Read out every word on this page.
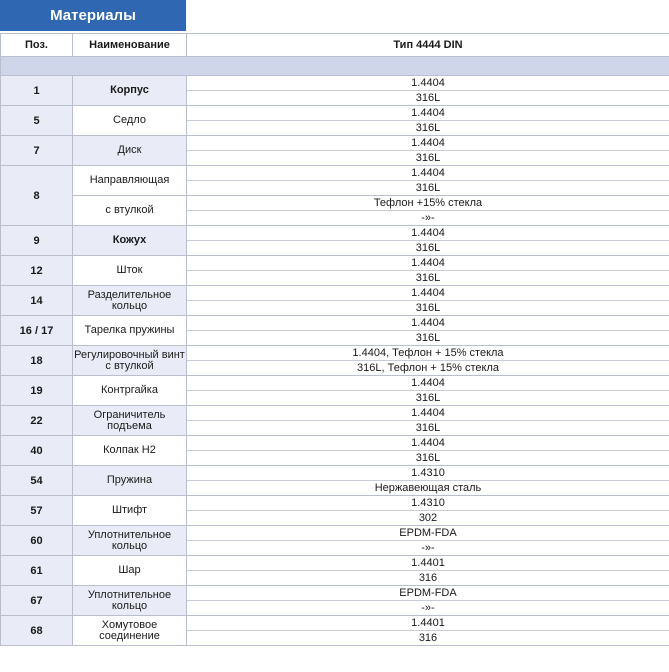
Материалы
Поз.	Наименование	Тип 4444 DIN

1	Корпус	1.4404
316L

5	Седло	1.4404
316L

7	Диск	1.4404
316L

8	Направляющая	1.4404
316L

	с втулкой	Тефлон +15% стекла
-»-

9	Кожух	1.4404
316L

12	Шток	1.4404
316L

14	Разделительное кольцо	1.4404
316L

16 / 17	Тарелка пружины	1.4404
316L

18	Регулировочный винт с втулкой	1.4404, Тефлон + 15% стекла
316L, Тефлон + 15% стекла

19	Контргайка	1.4404
316L

22	Ограничитель подъема	1.4404
316L

40	Колпак Н2	1.4404
316L

54	Пружина	1.4310
Нержавеющая сталь

57	Штифт	1.4310
302

60	Уплотнительное кольцо	EPDM-FDA
-»-

61	Шар	1.4401
316

67	Уплотнительное кольцо	EPDM-FDA
-»-

68	Хомутовое соединение	1.4401
316
